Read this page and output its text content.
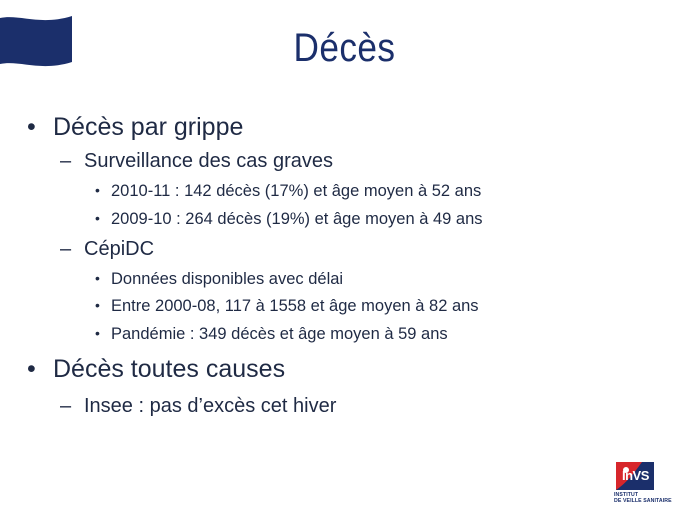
Décès
• Décès par grippe
– Surveillance des cas graves
• 2010-11 : 142 décès (17%) et âge moyen à 52 ans
• 2009-10 : 264 décès (19%) et âge moyen à 49 ans
– CépiDC
• Données disponibles avec délai
• Entre 2000-08, 117 à 1558 et âge moyen à 82 ans
• Pandémie : 349 décès et âge moyen à 59 ans
• Décès toutes causes
– Insee : pas d’excès cet hiver
InVS
INSTITUT
DE VEILLE SANITAIRE
